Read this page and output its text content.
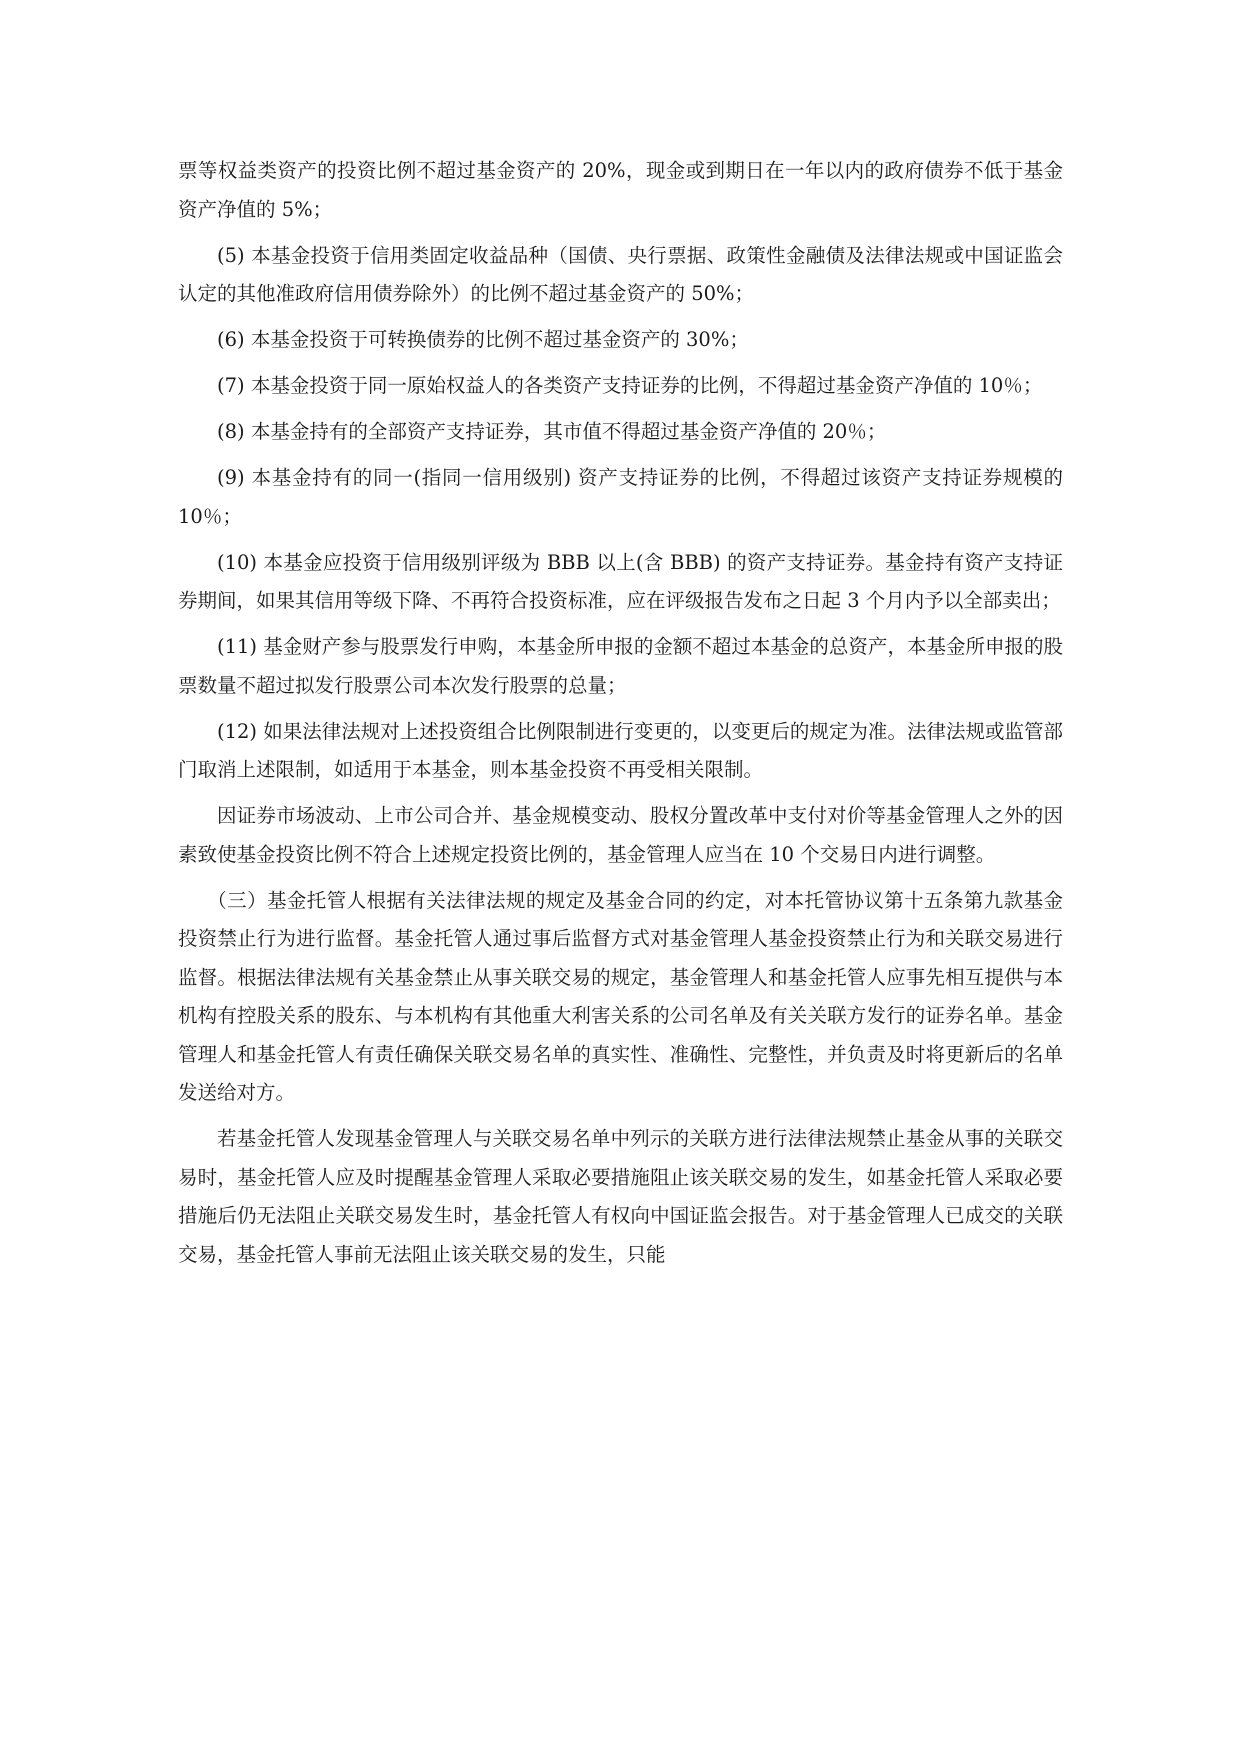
票等权益类资产的投资比例不超过基金资产的 20%，现金或到期日在一年以内的政府债券不低于基金资产净值的 5%；

(5) 本基金投资于信用类固定收益品种（国债、央行票据、政策性金融债及法律法规或中国证监会认定的其他准政府信用债券除外）的比例不超过基金资产的 50%；

(6) 本基金投资于可转换债券的比例不超过基金资产的 30%；

(7) 本基金投资于同一原始权益人的各类资产支持证券的比例，不得超过基金资产净值的 10％；

(8) 本基金持有的全部资产支持证券，其市值不得超过基金资产净值的 20％；

(9) 本基金持有的同一(指同一信用级别) 资产支持证券的比例，不得超过该资产支持证券规模的 10％；

(10) 本基金应投资于信用级别评级为 BBB 以上(含 BBB) 的资产支持证券。基金持有资产支持证券期间，如果其信用等级下降、不再符合投资标准，应在评级报告发布之日起 3 个月内予以全部卖出；

(11) 基金财产参与股票发行申购，本基金所申报的金额不超过本基金的总资产，本基金所申报的股票数量不超过拟发行股票公司本次发行股票的总量；

(12) 如果法律法规对上述投资组合比例限制进行变更的，以变更后的规定为准。法律法规或监管部门取消上述限制，如适用于本基金，则本基金投资不再受相关限制。

因证券市场波动、上市公司合并、基金规模变动、股权分置改革中支付对价等基金管理人之外的因素致使基金投资比例不符合上述规定投资比例的，基金管理人应当在 10 个交易日内进行调整。

（三）基金托管人根据有关法律法规的规定及基金合同的约定，对本托管协议第十五条第九款基金投资禁止行为进行监督。基金托管人通过事后监督方式对基金管理人基金投资禁止行为和关联交易进行监督。根据法律法规有关基金禁止从事关联交易的规定，基金管理人和基金托管人应事先相互提供与本机构有控股关系的股东、与本机构有其他重大利害关系的公司名单及有关关联方发行的证券名单。基金管理人和基金托管人有责任确保关联交易名单的真实性、准确性、完整性，并负责及时将更新后的名单发送给对方。

若基金托管人发现基金管理人与关联交易名单中列示的关联方进行法律法规禁止基金从事的关联交易时，基金托管人应及时提醒基金管理人采取必要措施阻止该关联交易的发生，如基金托管人采取必要措施后仍无法阻止关联交易发生时，基金托管人有权向中国证监会报告。对于基金管理人已成交的关联交易，基金托管人事前无法阻止该关联交易的发生，只能
